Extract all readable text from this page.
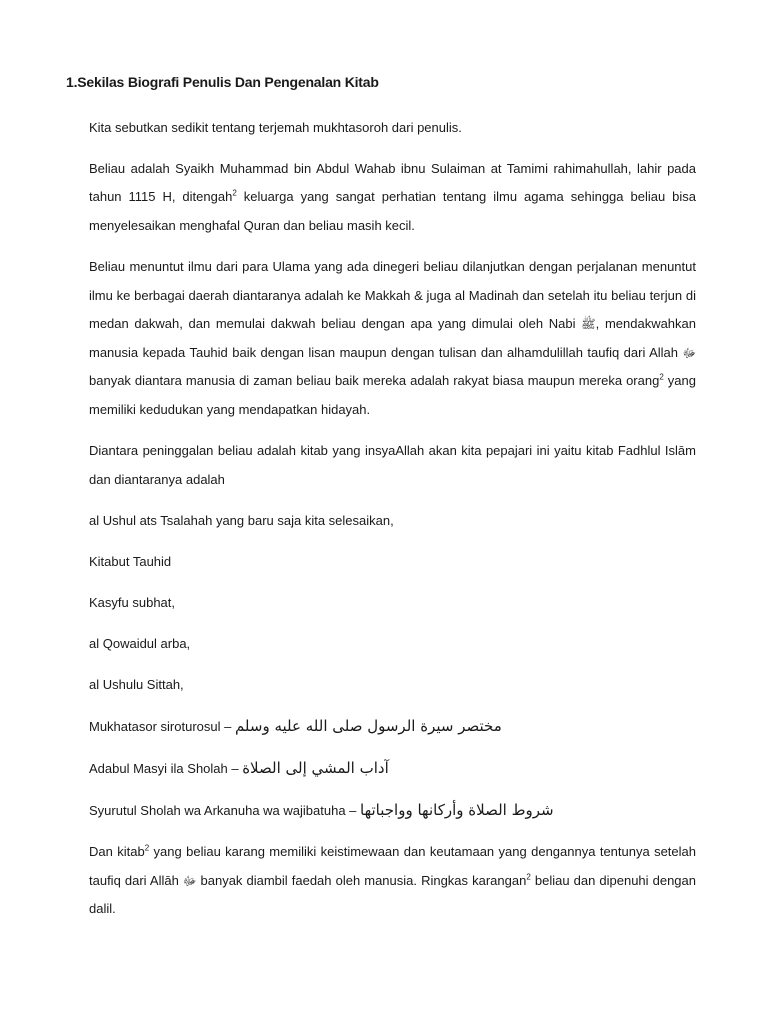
1.Sekilas Biografi Penulis Dan Pengenalan Kitab

Kita sebutkan sedikit tentang terjemah mukhtasoroh dari penulis.

Beliau adalah Syaikh Muhammad bin Abdul Wahab ibnu Sulaiman at Tamimi rahimahullah, lahir pada tahun 1115 H, ditengah$^2$ keluarga yang sangat perhatian tentang ilmu agama sehingga beliau bisa menyelesaikan menghafal Quran dan beliau masih kecil.

Beliau menuntut ilmu dari para Ulama yang ada dinegeri beliau dilanjutkan dengan perjalanan menuntut ilmu ke berbagai daerah diantaranya adalah ke Makkah & juga al Madinah dan setelah itu beliau terjun di medan dakwah, dan memulai dakwah beliau dengan apa yang dimulai oleh Nabi ﷺ, mendakwahkan manusia kepada Tauhid baik dengan lisan maupun dengan tulisan dan alhamdulillah taufiq dari Allah ﷻ banyak diantara manusia di zaman beliau baik mereka adalah rakyat biasa maupun mereka orang$^2$ yang memiliki kedudukan yang mendapatkan hidayah.

Diantara peninggalan beliau adalah kitab yang insyaAllah akan kita pepajari ini yaitu kitab Fadhlul Islām dan diantaranya adalah

al Ushul ats Tsalahah yang baru saja kita selesaikan,

Kitabut Tauhid

Kasyfu subhat,

al Qowaidul arba,

al Ushulu Sittah,

Mukhatasor siroturosul – مختصر سيرة الرسول صلى الله عليه وسلم

Adabul Masyi ila Sholah – آداب المشي إلى الصلاة

Syurutul Sholah wa Arkanuha wa wajibatuha – شروط الصلاة وأركانها وواجباتها

Dan kitab$^2$ yang beliau karang memiliki keistimewaan dan keutamaan yang dengannya tentunya setelah taufiq dari Allāh ﷻ banyak diambil faedah oleh manusia. Ringkas karangan$^2$ beliau dan dipenuhi dengan dalil.
